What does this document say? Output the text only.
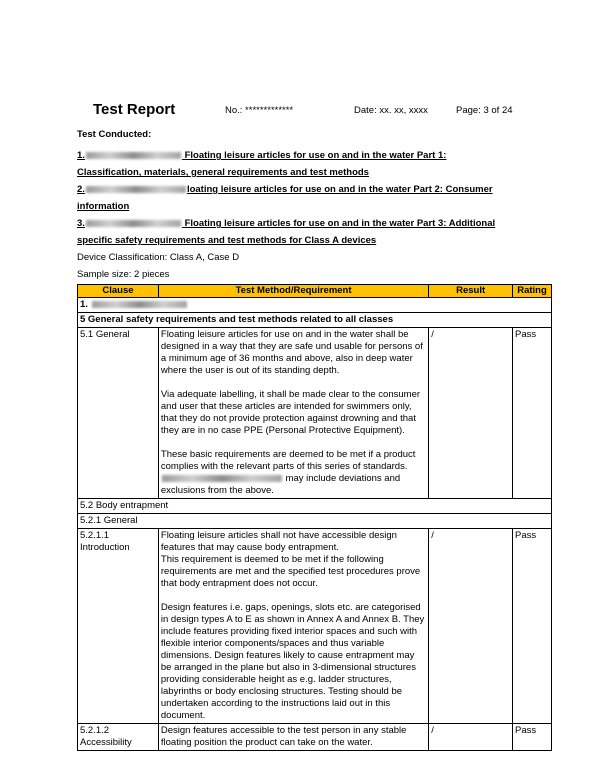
Test Report	No.: *************	Date: xx. xx, xxxx	Page: 3 of 24
Test Conducted:
1.	Floating leisure articles for use on and in the water Part 1:
Classification, materials, general requirements and test methods
2.	loating leisure articles for use on and in the water Part 2: Consumer
information
3.	Floating leisure articles for use on and in the water Part 3: Additional
specific safety requirements and test methods for Class A devices
Device Classification: Class A, Case D
Sample size: 2 pieces
Clause	Test Method/Requirement	Result	Rating
1.			
5 General safety requirements and test methods related to all classes			
5.1 General	Floating leisure articles for use on and in the water shall be designed in a way that they are safe und usable for persons of a minimum age of 36 months and above, also in deep water where the user is out of its standing depth.

Via adequate labelling, it shall be made clear to the consumer and user that these articles are intended for swimmers only, that they do not provide protection against drowning and that they are in no case PPE (Personal Protective Equipment).

These basic requirements are deemed to be met if a product complies with the relevant parts of this series of standards.

may include deviations and exclusions from the above.	/	Pass
5.2 Body entrapment			
5.2.1 General			
5.2.1.1 Introduction	Floating leisure articles shall not have accessible design features that may cause body entrapment.

This requirement is deemed to be met if the following requirements are met and the specified test procedures prove that body entrapment does not occur.

Design features i.e. gaps, openings, slots etc. are categorised in design types A to E as shown in Annex A and Annex B. They include features providing fixed interior spaces and such with flexible interior components/spaces and thus variable dimensions. Design features likely to cause entrapment may be arranged in the plane but also in 3-dimensional structures providing considerable height as e.g. ladder structures, labyrinths or body enclosing structures. Testing should be undertaken according to the instructions laid out in this document.	/	Pass
5.2.1.2 Accessibility	Design features accessible to the test person in any stable floating position the product can take on the water.	/	Pass
